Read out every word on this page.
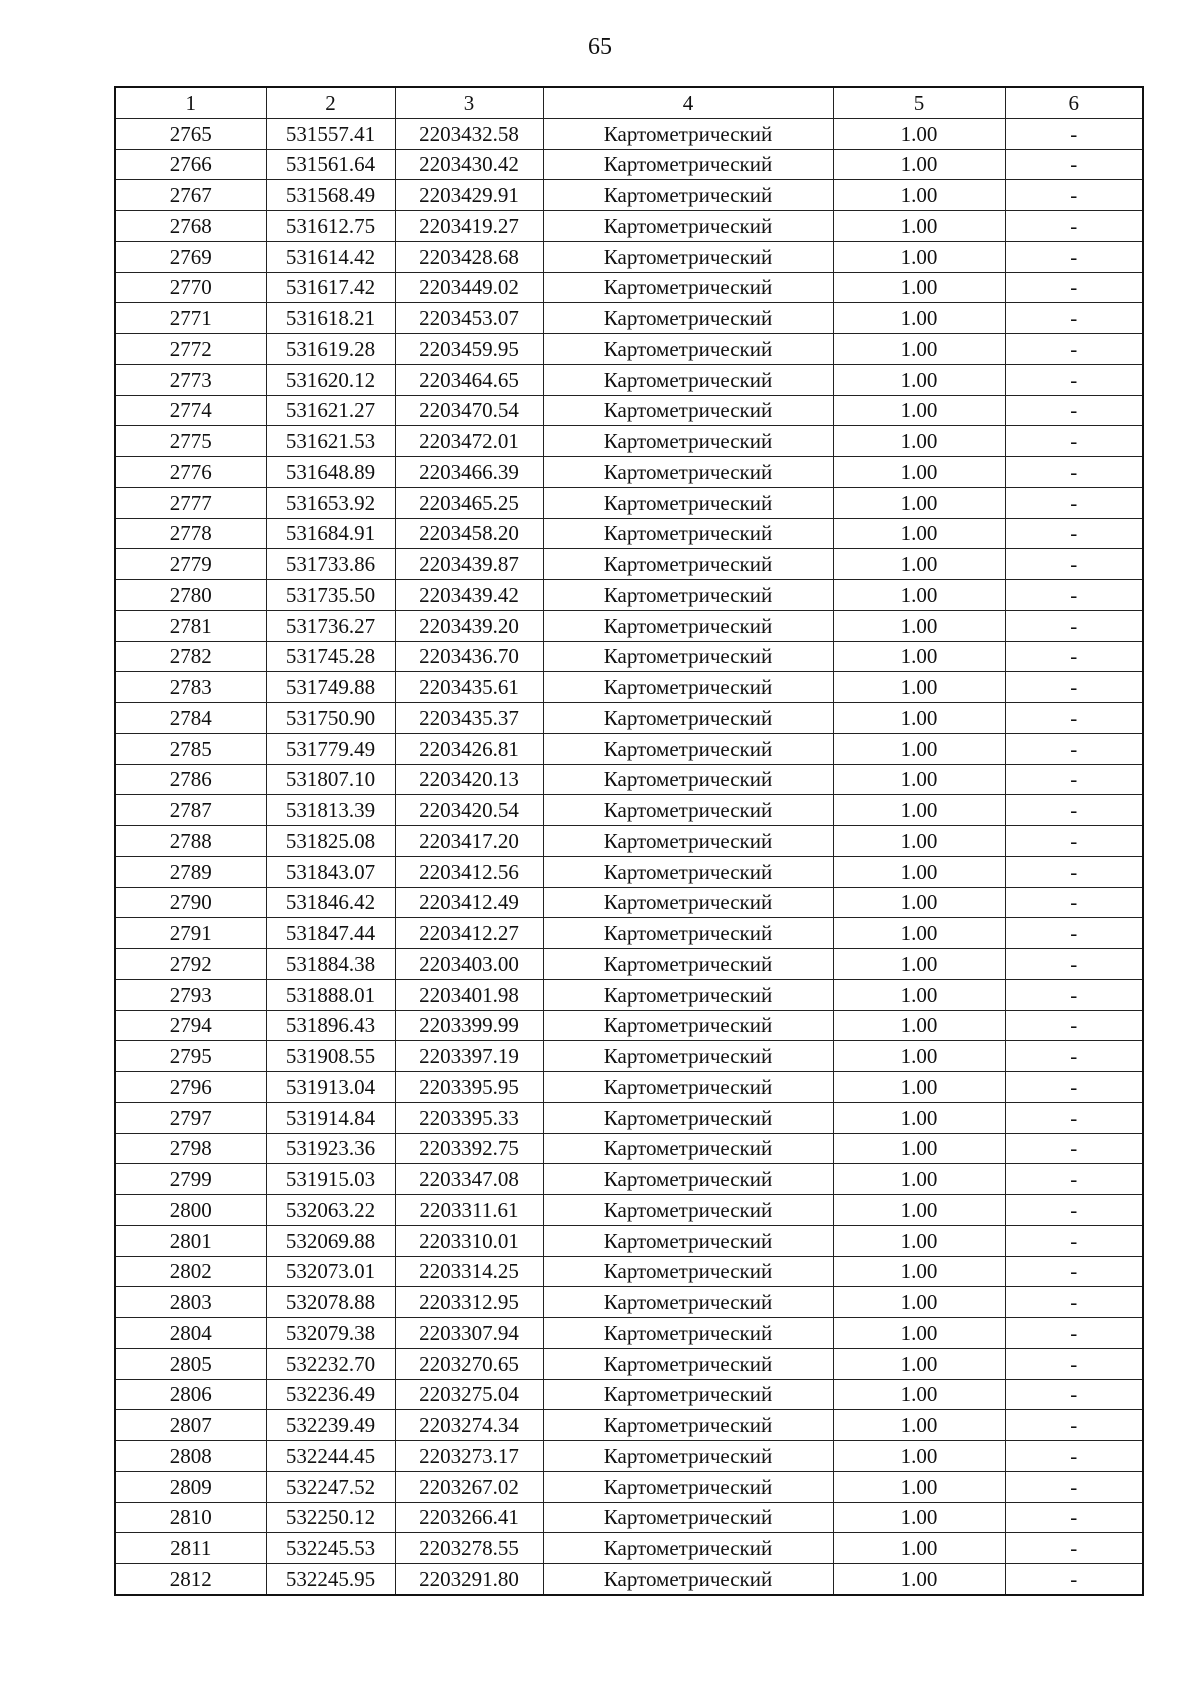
65
1	2	3	4	5	6
2765	531557.41	2203432.58	Картометрический	1.00	-
2766	531561.64	2203430.42	Картометрический	1.00	-
2767	531568.49	2203429.91	Картометрический	1.00	-
2768	531612.75	2203419.27	Картометрический	1.00	-
2769	531614.42	2203428.68	Картометрический	1.00	-
2770	531617.42	2203449.02	Картометрический	1.00	-
2771	531618.21	2203453.07	Картометрический	1.00	-
2772	531619.28	2203459.95	Картометрический	1.00	-
2773	531620.12	2203464.65	Картометрический	1.00	-
2774	531621.27	2203470.54	Картометрический	1.00	-
2775	531621.53	2203472.01	Картометрический	1.00	-
2776	531648.89	2203466.39	Картометрический	1.00	-
2777	531653.92	2203465.25	Картометрический	1.00	-
2778	531684.91	2203458.20	Картометрический	1.00	-
2779	531733.86	2203439.87	Картометрический	1.00	-
2780	531735.50	2203439.42	Картометрический	1.00	-
2781	531736.27	2203439.20	Картометрический	1.00	-
2782	531745.28	2203436.70	Картометрический	1.00	-
2783	531749.88	2203435.61	Картометрический	1.00	-
2784	531750.90	2203435.37	Картометрический	1.00	-
2785	531779.49	2203426.81	Картометрический	1.00	-
2786	531807.10	2203420.13	Картометрический	1.00	-
2787	531813.39	2203420.54	Картометрический	1.00	-
2788	531825.08	2203417.20	Картометрический	1.00	-
2789	531843.07	2203412.56	Картометрический	1.00	-
2790	531846.42	2203412.49	Картометрический	1.00	-
2791	531847.44	2203412.27	Картометрический	1.00	-
2792	531884.38	2203403.00	Картометрический	1.00	-
2793	531888.01	2203401.98	Картометрический	1.00	-
2794	531896.43	2203399.99	Картометрический	1.00	-
2795	531908.55	2203397.19	Картометрический	1.00	-
2796	531913.04	2203395.95	Картометрический	1.00	-
2797	531914.84	2203395.33	Картометрический	1.00	-
2798	531923.36	2203392.75	Картометрический	1.00	-
2799	531915.03	2203347.08	Картометрический	1.00	-
2800	532063.22	2203311.61	Картометрический	1.00	-
2801	532069.88	2203310.01	Картометрический	1.00	-
2802	532073.01	2203314.25	Картометрический	1.00	-
2803	532078.88	2203312.95	Картометрический	1.00	-
2804	532079.38	2203307.94	Картометрический	1.00	-
2805	532232.70	2203270.65	Картометрический	1.00	-
2806	532236.49	2203275.04	Картометрический	1.00	-
2807	532239.49	2203274.34	Картометрический	1.00	-
2808	532244.45	2203273.17	Картометрический	1.00	-
2809	532247.52	2203267.02	Картометрический	1.00	-
2810	532250.12	2203266.41	Картометрический	1.00	-
2811	532245.53	2203278.55	Картометрический	1.00	-
2812	532245.95	2203291.80	Картометрический	1.00	-
